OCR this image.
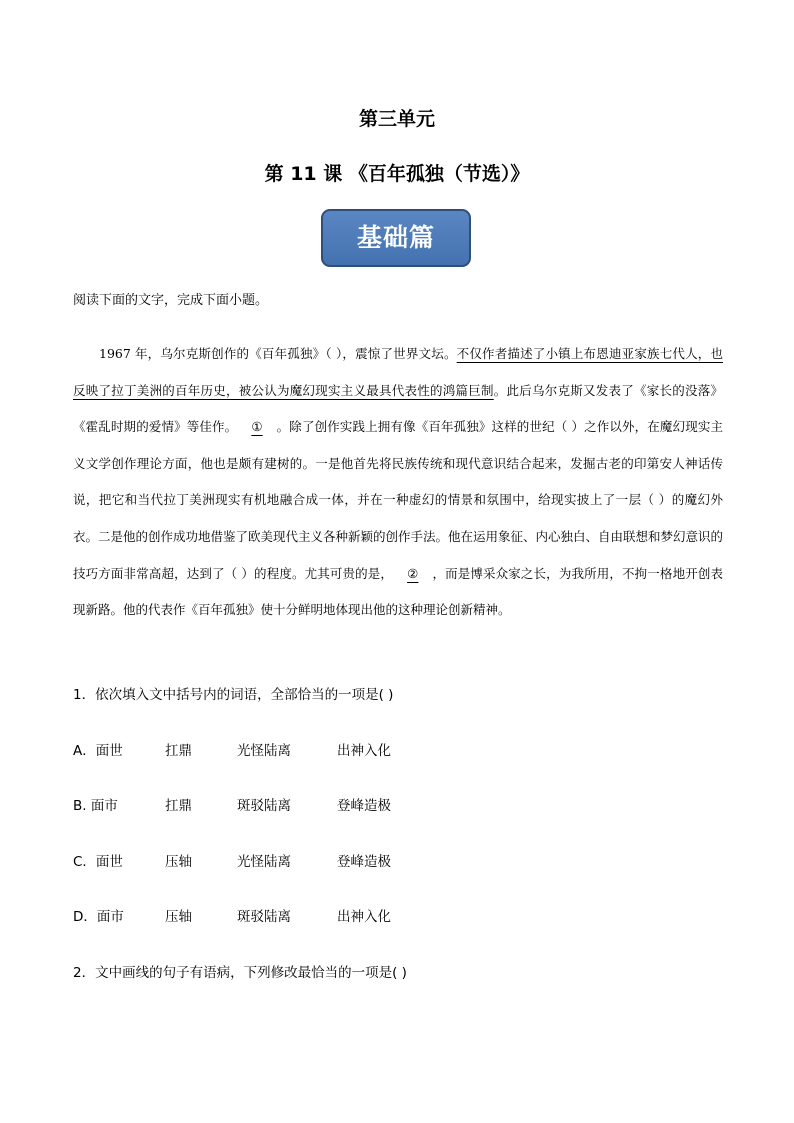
第三单元
第 11 课 《百年孤独（节选）》
基础篇
阅读下面的文字，完成下面小题。
1967 年，乌尔克斯创作的《百年孤独》（ ），震惊了世界文坛。不仅作者描述了小镇上布恩迪亚家族七代人，也反映了拉丁美洲的百年历史，被公认为魔幻现实主义最具代表性的鸿篇巨制。此后乌尔克斯又发表了《家长的没落》《霍乱时期的爱情》等佳作。 ① 。除了创作实践上拥有像《百年孤独》这样的世纪（ ）之作以外，在魔幻现实主义文学创作理论方面，他也是颇有建树的。一是他首先将民族传统和现代意识结合起来，发掘古老的印第安人神话传说，把它和当代拉丁美洲现实有机地融合成一体，并在一种虚幻的情景和氛围中，给现实披上了一层（ ）的魔幻外衣。二是他的创作成功地借鉴了欧美现代主义各种新颖的创作手法。他在运用象征、内心独白、自由联想和梦幻意识的技巧方面非常高超，达到了（ ）的程度。尤其可贵的是， ② ，而是博采众家之长，为我所用，不拘一格地开创表现新路。他的代表作《百年孤独》使十分鲜明地体现出他的这种理论创新精神。
1．依次填入文中括号内的词语，全部恰当的一项是( )
A．面世	扛鼎	光怪陆离	出神入化
B. 面市	扛鼎	斑驳陆离	登峰造极
C．面世	压轴	光怪陆离	登峰造极
D．面市	压轴	斑驳陆离	出神入化
2．文中画线的句子有语病，下列修改最恰当的一项是( )
